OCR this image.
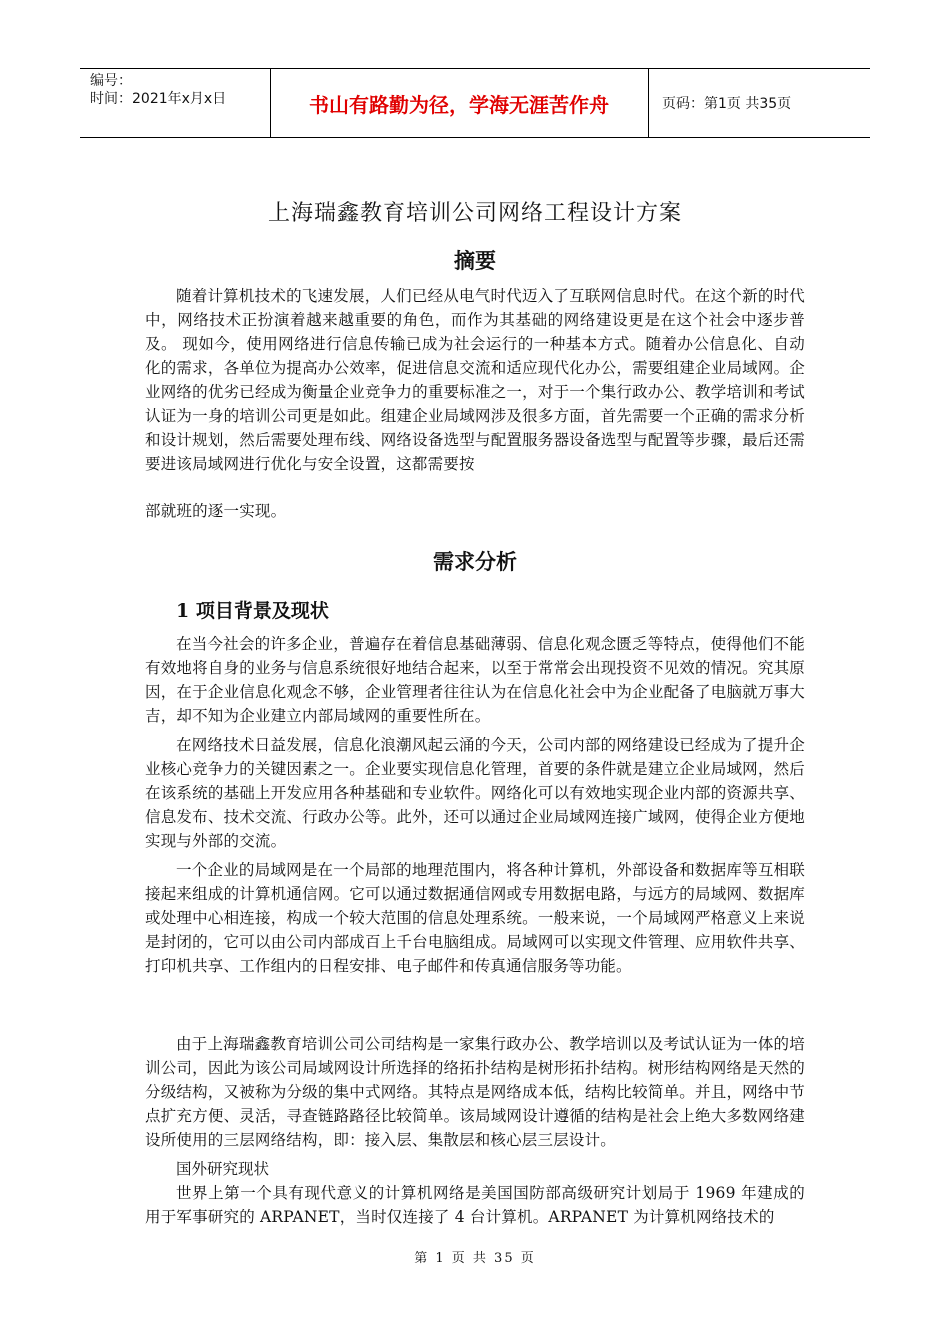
编号：
时间：2021年x月x日	书山有路勤为径，学海无涯苦作舟	页码：第1页 共35页
上海瑞鑫教育培训公司网络工程设计方案
摘要

随着计算机技术的飞速发展，人们已经从电气时代迈入了互联网信息时代。在这个新的时代中，网络技术正扮演着越来越重要的角色，而作为其基础的网络建设更是在这个社会中逐步普及。 现如今，使用网络进行信息传输已成为社会运行的一种基本方式。随着办公信息化、自动化的需求，各单位为提高办公效率，促进信息交流和适应现代化办公，需要组建企业局域网。企业网络的优劣已经成为衡量企业竞争力的重要标准之一，对于一个集行政办公、教学培训和考试认证为一身的培训公司更是如此。组建企业局域网涉及很多方面，首先需要一个正确的需求分析和设计规划，然后需要处理布线、网络设备选型与配置服务器设备选型与配置等步骤，最后还需要进该局域网进行优化与安全设置，这都需要按

部就班的逐一实现。

需求分析
1 项目背景及现状

在当今社会的许多企业，普遍存在着信息基础薄弱、信息化观念匮乏等特点，使得他们不能有效地将自身的业务与信息系统很好地结合起来，以至于常常会出现投资不见效的情况。究其原因，在于企业信息化观念不够，企业管理者往往认为在信息化社会中为企业配备了电脑就万事大吉，却不知为企业建立内部局域网的重要性所在。

在网络技术日益发展，信息化浪潮风起云涌的今天，公司内部的网络建设已经成为了提升企业核心竞争力的关键因素之一。企业要实现信息化管理，首要的条件就是建立企业局域网，然后在该系统的基础上开发应用各种基础和专业软件。网络化可以有效地实现企业内部的资源共享、信息发布、技术交流、行政办公等。此外，还可以通过企业局域网连接广域网，使得企业方便地实现与外部的交流。

一个企业的局域网是在一个局部的地理范围内，将各种计算机，外部设备和数据库等互相联接起来组成的计算机通信网。它可以通过数据通信网或专用数据电路，与远方的局域网、数据库或处理中心相连接，构成一个较大范围的信息处理系统。一般来说，一个局域网严格意义上来说是封闭的，它可以由公司内部成百上千台电脑组成。局域网可以实现文件管理、应用软件共享、打印机共享、工作组内的日程安排、电子邮件和传真通信服务等功能。

由于上海瑞鑫教育培训公司公司结构是一家集行政办公、教学培训以及考试认证为一体的培训公司，因此为该公司局域网设计所选择的络拓扑结构是树形拓扑结构。树形结构网络是天然的分级结构，又被称为分级的集中式网络。其特点是网络成本低，结构比较简单。并且，网络中节点扩充方便、灵活，寻查链路路径比较简单。该局域网设计遵循的结构是社会上绝大多数网络建设所使用的三层网络结构，即：接入层、集散层和核心层三层设计。

国外研究现状

世界上第一个具有现代意义的计算机网络是美国国防部高级研究计划局于 1969 年建成的用于军事研究的 ARPANET，当时仅连接了 4 台计算机。ARPANET 为计算机网络技术的

第 1 页 共 35 页
